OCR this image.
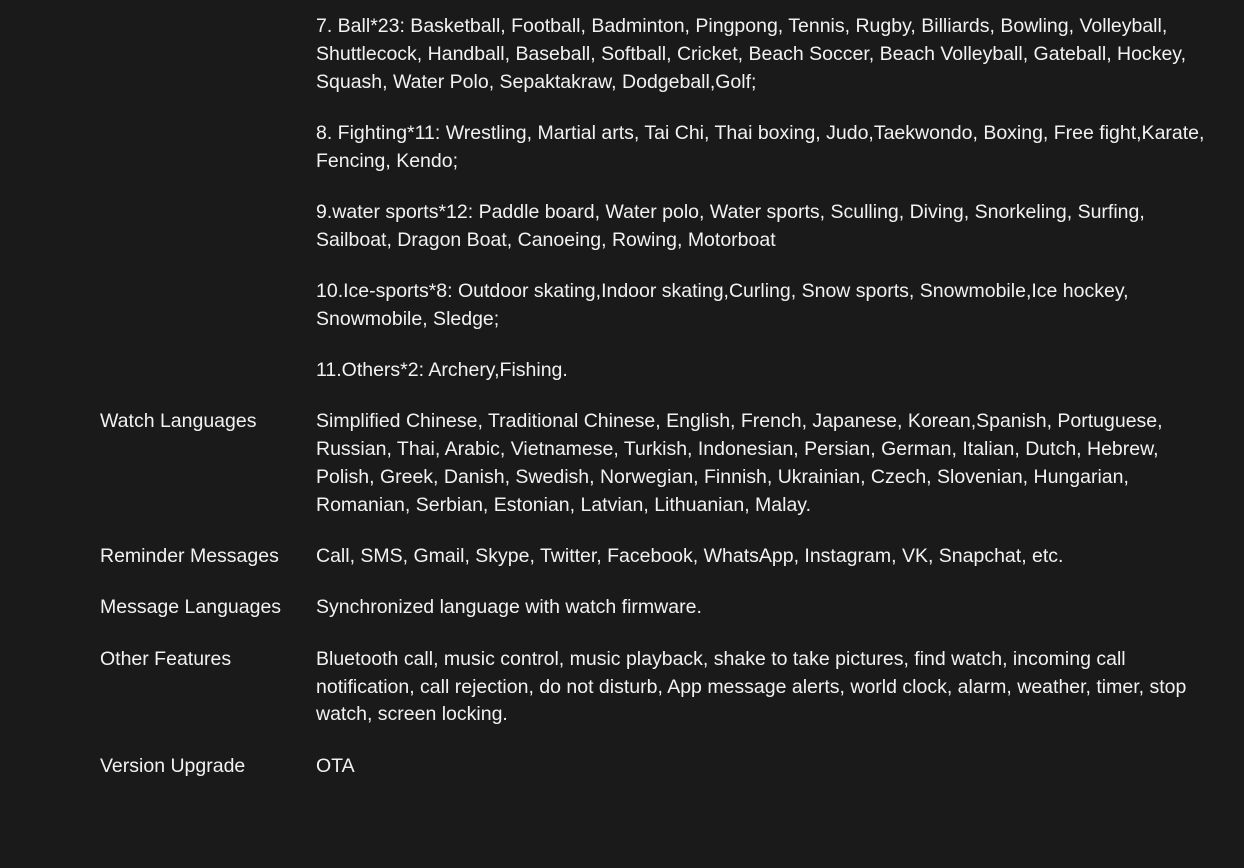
7. Ball*23: Basketball, Football, Badminton, Pingpong, Tennis, Rugby, Billiards, Bowling, Volleyball, Shuttlecock, Handball, Baseball, Softball, Cricket, Beach Soccer, Beach Volleyball, Gateball, Hockey, Squash, Water Polo, Sepaktakraw, Dodgeball,Golf;

8. Fighting*11: Wrestling, Martial arts, Tai Chi, Thai boxing, Judo,Taekwondo, Boxing, Free fight,Karate, Fencing, Kendo;

9.water sports*12: Paddle board, Water polo, Water sports, Sculling, Diving, Snorkeling, Surfing, Sailboat, Dragon Boat, Canoeing, Rowing, Motorboat

10.Ice-sports*8: Outdoor skating,Indoor skating,Curling, Snow sports, Snowmobile,Ice hockey, Snowmobile, Sledge;

11.Others*2: Archery,Fishing.

Watch Languages	Simplified Chinese, Traditional Chinese, English, French, Japanese, Korean,Spanish, Portuguese, Russian, Thai, Arabic, Vietnamese, Turkish, Indonesian, Persian, German, Italian, Dutch, Hebrew, Polish, Greek, Danish, Swedish, Norwegian, Finnish, Ukrainian, Czech, Slovenian, Hungarian, Romanian, Serbian, Estonian, Latvian, Lithuanian, Malay.

Reminder Messages	Call, SMS, Gmail, Skype, Twitter, Facebook, WhatsApp, Instagram, VK, Snapchat, etc.

Message Languages	Synchronized language with watch firmware.

Other Features	Bluetooth call, music control, music playback, shake to take pictures, find watch, incoming call notification, call rejection, do not disturb, App message alerts, world clock, alarm, weather, timer, stop watch, screen locking.

Version Upgrade	OTA
